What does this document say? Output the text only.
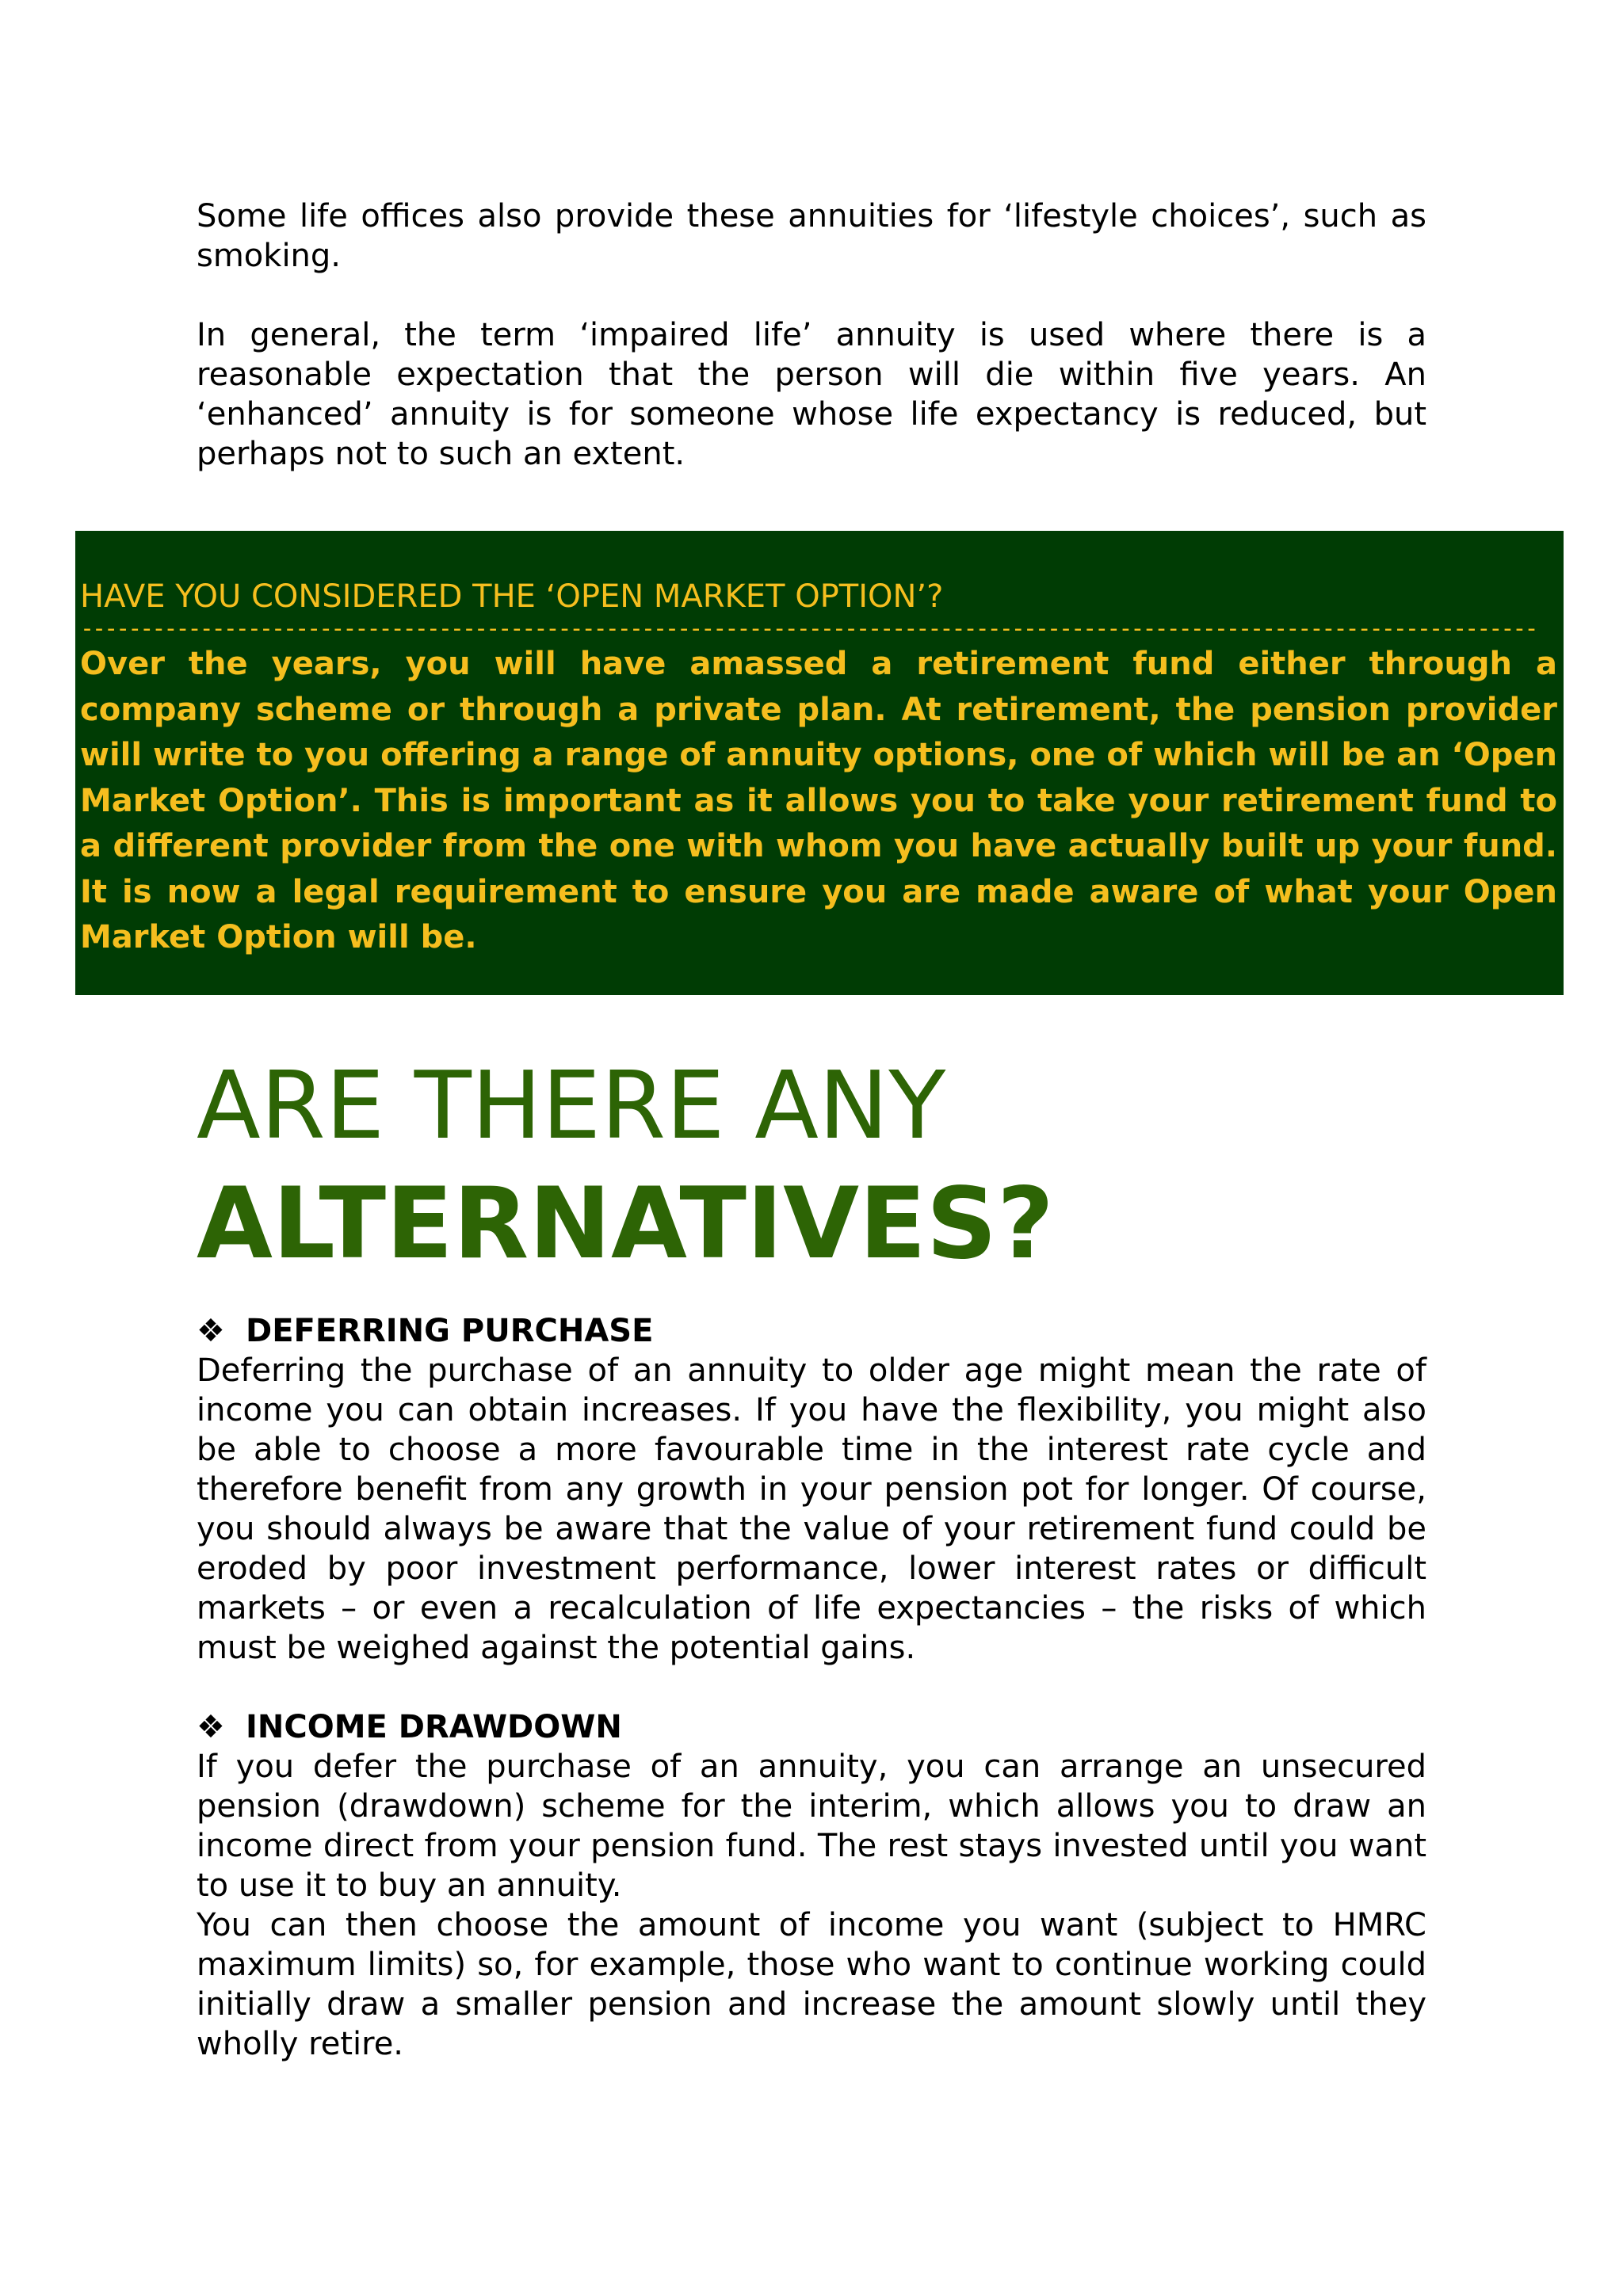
Some life offices also provide these annuities for ‘lifestyle choices’, such as smoking.

In general, the term ‘impaired life’ annuity is used where there is a reasonable expectation that the person will die within five years. An ‘enhanced’ annuity is for someone whose life expectancy is reduced, but perhaps not to such an extent.

HAVE YOU CONSIDERED THE ‘OPEN MARKET OPTION’?

--------------------------------------------------------------------------------------------------------------------------

Over the years, you will have amassed a retirement fund either through a company scheme or through a private plan. At retirement, the pension provider will write to you offering a range of annuity options, one of which will be an ‘Open Market Option’. This is important as it allows you to take your retirement fund to a different provider from the one with whom you have actually built up your fund. It is now a legal requirement to ensure you are made aware of what your Open Market Option will be.

ARE THERE ANY
ALTERNATIVES?

❖ DEFERRING PURCHASE

Deferring the purchase of an annuity to older age might mean the rate of income you can obtain increases. If you have the flexibility, you might also be able to choose a more favourable time in the interest rate cycle and therefore benefit from any growth in your pension pot for longer. Of course, you should always be aware that the value of your retirement fund could be eroded by poor investment performance, lower interest rates or difficult markets – or even a recalculation of life expectancies – the risks of which must be weighed against the potential gains.

❖ INCOME DRAWDOWN

If you defer the purchase of an annuity, you can arrange an unsecured pension (drawdown) scheme for the interim, which allows you to draw an income direct from your pension fund. The rest stays invested until you want to use it to buy an annuity.

You can then choose the amount of income you want (subject to HMRC maximum limits) so, for example, those who want to continue working could initially draw a smaller pension and increase the amount slowly until they wholly retire.
